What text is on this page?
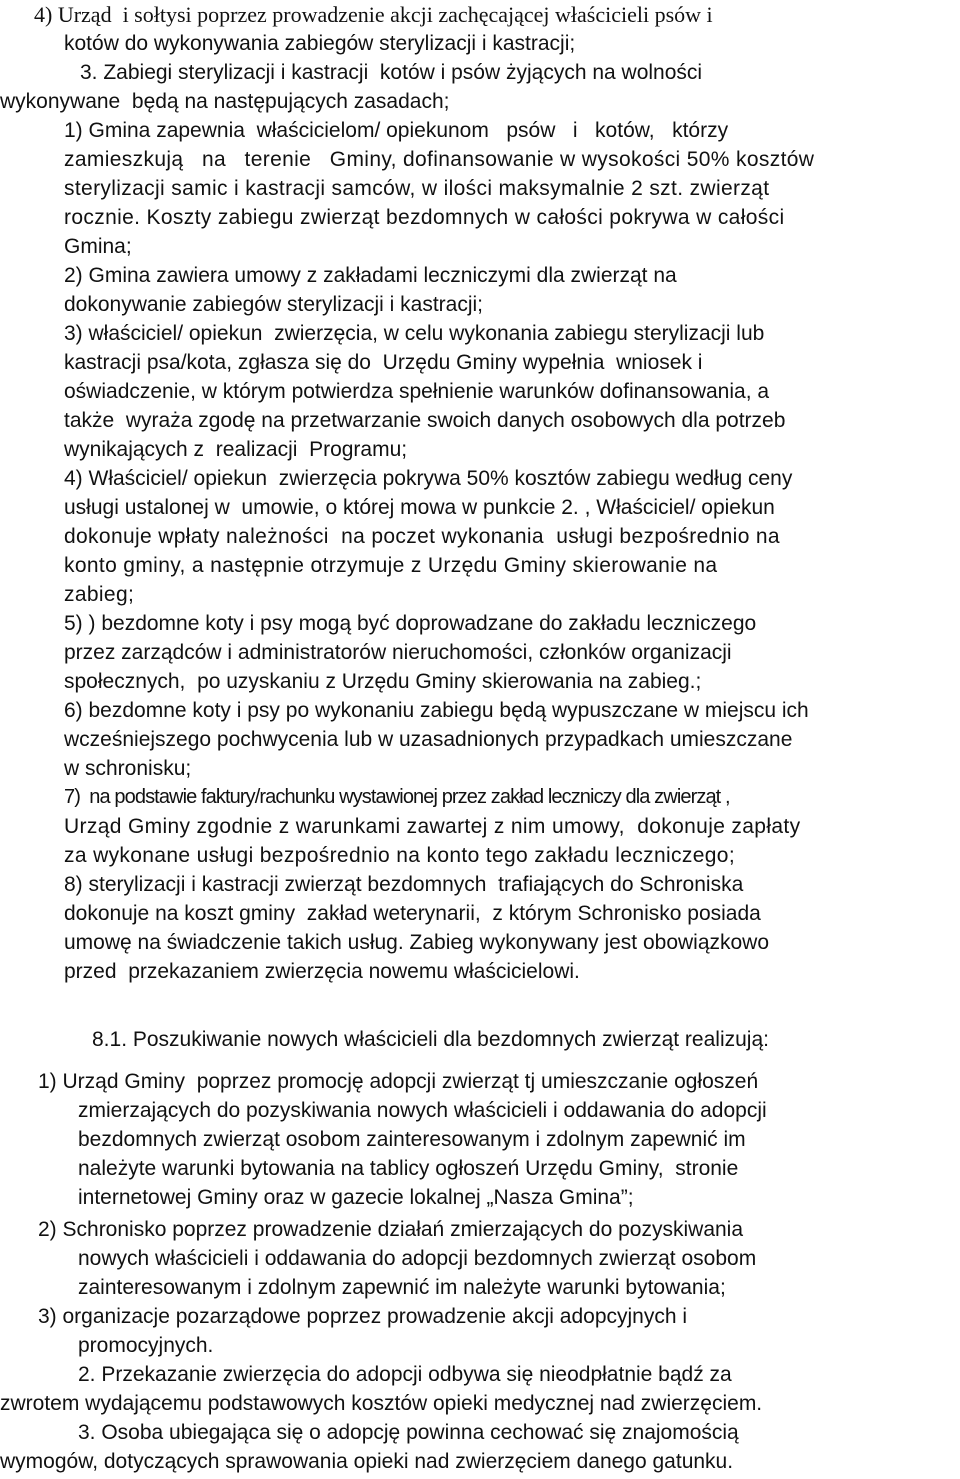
4) Urząd  i sołtysi poprzez prowadzenie akcji zachęcającej właścicieli psów i
kotów do wykonywania zabiegów sterylizacji i kastracji;
3. Zabiegi sterylizacji i kastracji  kotów i psów żyjących na wolności
wykonywane  będą na następujących zasadach;
1) Gmina zapewnia  właścicielom/ opiekunom   psów   i   kotów,   którzy
zamieszkują   na   terenie   Gminy, dofinansowanie w wysokości 50% kosztów
sterylizacji samic i kastracji samców, w ilości maksymalnie 2 szt. zwierząt
rocznie. Koszty zabiegu zwierząt bezdomnych w całości pokrywa w całości
Gmina;
2) Gmina zawiera umowy z zakładami leczniczymi dla zwierząt na
dokonywanie zabiegów sterylizacji i kastracji;
3) właściciel/ opiekun  zwierzęcia, w celu wykonania zabiegu sterylizacji lub
kastracji psa/kota, zgłasza się do  Urzędu Gminy wypełnia  wniosek i
oświadczenie, w którym potwierdza spełnienie warunków dofinansowania, a
także  wyraża zgodę na przetwarzanie swoich danych osobowych dla potrzeb
wynikających z  realizacji  Programu;
4) Właściciel/ opiekun  zwierzęcia pokrywa 50% kosztów zabiegu według ceny
usługi ustalonej w  umowie, o której mowa w punkcie 2. , Właściciel/ opiekun
dokonuje wpłaty należności  na poczet wykonania  usługi bezpośrednio na
konto gminy, a następnie otrzymuje z Urzędu Gminy skierowanie na
zabieg;
5) ) bezdomne koty i psy mogą być doprowadzane do zakładu leczniczego
przez zarządców i administratorów nieruchomości, członków organizacji
społecznych,  po uzyskaniu z Urzędu Gminy skierowania na zabieg.;
6) bezdomne koty i psy po wykonaniu zabiegu będą wypuszczane w miejscu ich
wcześniejszego pochwycenia lub w uzasadnionych przypadkach umieszczane
w schronisku;
7)  na podstawie faktury/rachunku wystawionej przez zakład leczniczy dla zwierząt ,
Urząd Gminy zgodnie z warunkami zawartej z nim umowy,  dokonuje zapłaty
za wykonane usługi bezpośrednio na konto tego zakładu leczniczego;
8) sterylizacji i kastracji zwierząt bezdomnych  trafiających do Schroniska
dokonuje na koszt gminy  zakład weterynarii,  z którym Schronisko posiada
umowę na świadczenie takich usług. Zabieg wykonywany jest obowiązkowo
przed  przekazaniem zwierzęcia nowemu właścicielowi.
8.1. Poszukiwanie nowych właścicieli dla bezdomnych zwierząt realizują:
1) Urząd Gminy  poprzez promocję adopcji zwierząt tj umieszczanie ogłoszeń
zmierzających do pozyskiwania nowych właścicieli i oddawania do adopcji
bezdomnych zwierząt osobom zainteresowanym i zdolnym zapewnić im
należyte warunki bytowania na tablicy ogłoszeń Urzędu Gminy,  stronie
internetowej Gminy oraz w gazecie lokalnej „Nasza Gmina”;
2) Schronisko poprzez prowadzenie działań zmierzających do pozyskiwania
nowych właścicieli i oddawania do adopcji bezdomnych zwierząt osobom
zainteresowanym i zdolnym zapewnić im należyte warunki bytowania;
3) organizacje pozarządowe poprzez prowadzenie akcji adopcyjnych i
promocyjnych.
2. Przekazanie zwierzęcia do adopcji odbywa się nieodpłatnie bądź za
zwrotem wydającemu podstawowych kosztów opieki medycznej nad zwierzęciem.
3. Osoba ubiegająca się o adopcję powinna cechować się znajomością
wymogów, dotyczących sprawowania opieki nad zwierzęciem danego gatunku.
